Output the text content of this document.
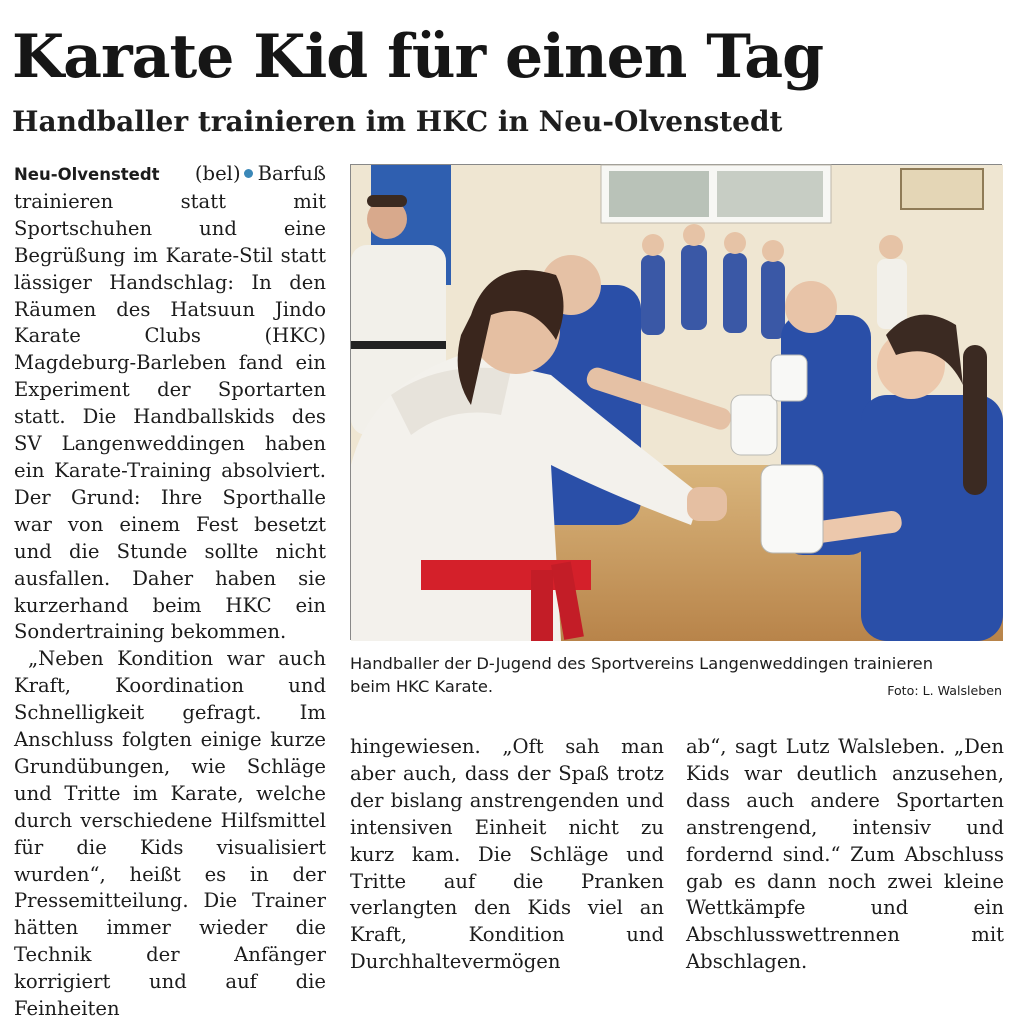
Karate Kid für einen Tag
Handballer trainieren im HKC in Neu-Olvenstedt

Neu-Olvenstedt (bel) Barfuß trainieren statt mit Sportschuhen und eine Begrüßung im Karate-Stil statt lässiger Handschlag: In den Räumen des Hatsuun Jindo Karate Clubs (HKC) Magdeburg-Barleben fand ein Experiment der Sportarten statt. Die Handballskids des SV Langenweddingen haben ein Karate-Training absolviert. Der Grund: Ihre Sporthalle war von einem Fest besetzt und die Stunde sollte nicht ausfallen. Daher haben sie kurzerhand beim HKC ein Sondertraining bekommen.

„Neben Kondition war auch Kraft, Koordination und Schnelligkeit gefragt. Im Anschluss folgten einige kurze Grundübungen, wie Schläge und Tritte im Karate, welche durch verschiedene Hilfsmittel für die Kids visualisiert wurden“, heißt es in der Pressemitteilung. Die Trainer hätten immer wieder die Technik der Anfänger korrigiert und auf die Feinheiten

Handballer der D-Jugend des Sportvereins Langenweddingen trainieren
beim HKC Karate.	Foto: L. Walsleben

hingewiesen. „Oft sah man aber auch, dass der Spaß trotz der bislang anstrengenden und intensiven Einheit nicht zu kurz kam. Die Schläge und Tritte auf die Pranken verlangten den Kids viel an Kraft, Kondition und Durchhaltevermögen

ab“, sagt Lutz Walsleben. „Den Kids war deutlich anzusehen, dass auch andere Sportarten anstrengend, intensiv und fordernd sind.“ Zum Abschluss gab es dann noch zwei kleine Wettkämpfe und ein Abschlusswettrennen mit Abschlagen.
